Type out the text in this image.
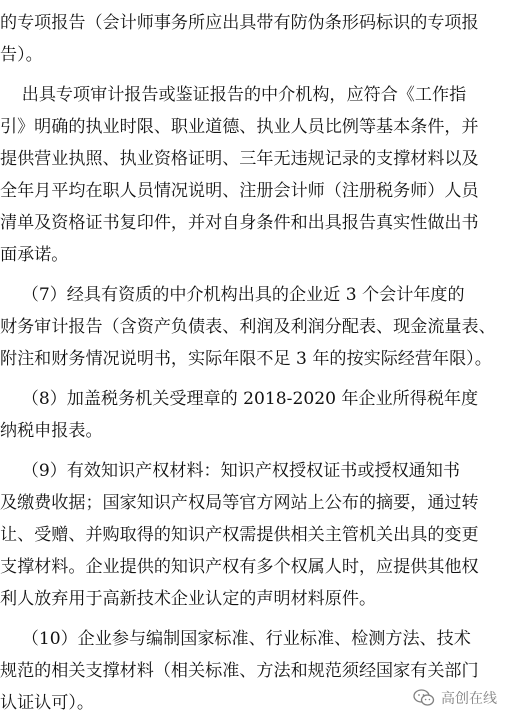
的专项报告（会计师事务所应出具带有防伪条形码标识的专项报
告）。
出具专项审计报告或鉴证报告的中介机构，应符合《工作指
引》明确的执业时限、职业道德、执业人员比例等基本条件，并
提供营业执照、执业资格证明、三年无违规记录的支撑材料以及
全年月平均在职人员情况说明、注册会计师（注册税务师）人员
清单及资格证书复印件，并对自身条件和出具报告真实性做出书
面承诺。
（7）经具有资质的中介机构出具的企业近 3 个会计年度的
财务审计报告（含资产负债表、利润及利润分配表、现金流量表、
附注和财务情况说明书，实际年限不足 3 年的按实际经营年限）。
（8）加盖税务机关受理章的 2018-2020 年企业所得税年度
纳税申报表。
（9）有效知识产权材料：知识产权授权证书或授权通知书
及缴费收据；国家知识产权局等官方网站上公布的摘要，通过转
让、受赠、并购取得的知识产权需提供相关主管机关出具的变更
支撑材料。企业提供的知识产权有多个权属人时，应提供其他权
利人放弃用于高新技术企业认定的声明材料原件。
（10）企业参与编制国家标准、行业标准、检测方法、技术
规范的相关支撑材料（相关标准、方法和规范须经国家有关部门
认证认可）。	高创在线
